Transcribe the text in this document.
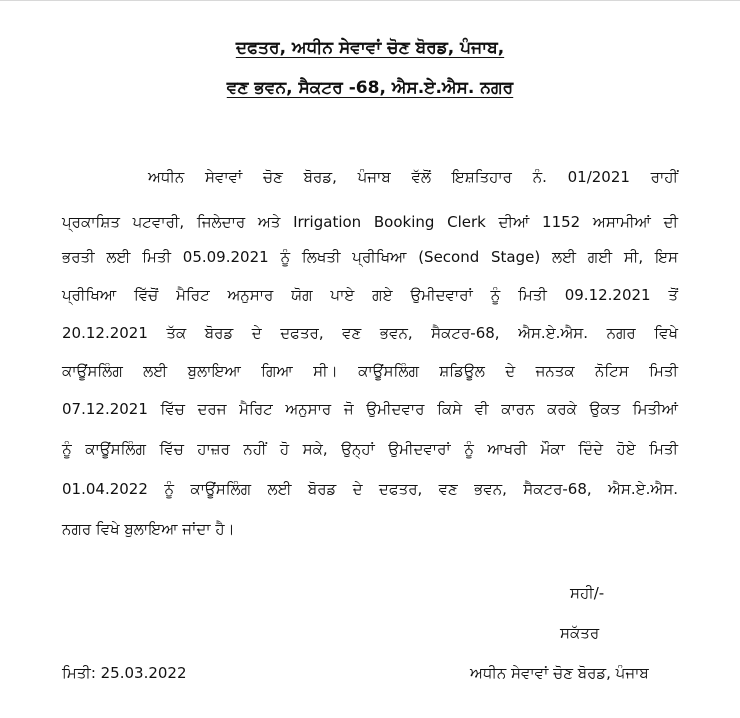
ਦਫਤਰ, ਅਧੀਨ ਸੇਵਾਵਾਂ ਚੋਣ ਬੋਰਡ, ਪੰਜਾਬ,
ਵਣ ਭਵਨ, ਸੈਕਟਰ -68, ਐਸ.ਏ.ਐਸ. ਨਗਰ
ਅਧੀਨ ਸੇਵਾਵਾਂ ਚੋਣ ਬੋਰਡ, ਪੰਜਾਬ ਵੱਲੋਂ ਇਸ਼ਤਿਹਾਰ ਨੰ. 01/2021 ਰਾਹੀਂ
ਪ੍ਰਕਾਸ਼ਿਤ ਪਟਵਾਰੀ, ਜਿਲੇਦਾਰ ਅਤੇ Irrigation Booking Clerk ਦੀਆਂ 1152 ਅਸਾਮੀਆਂ ਦੀ
ਭਰਤੀ ਲਈ ਮਿਤੀ 05.09.2021 ਨੂੰ ਲਿਖਤੀ ਪ੍ਰੀਖਿਆ (Second Stage) ਲਈ ਗਈ ਸੀ, ਇਸ
ਪ੍ਰੀਖਿਆ ਵਿੱਚੋਂ ਮੈਰਿਟ ਅਨੁਸਾਰ ਯੋਗ ਪਾਏ ਗਏ ਉਮੀਦਵਾਰਾਂ ਨੂੰ ਮਿਤੀ 09.12.2021 ਤੋਂ
20.12.2021 ਤੱਕ ਬੋਰਡ ਦੇ ਦਫਤਰ, ਵਣ ਭਵਨ, ਸੈਕਟਰ-68, ਐਸ.ਏ.ਐਸ. ਨਗਰ ਵਿਖੇ
ਕਾਊਂਸਲਿੰਗ ਲਈ ਬੁਲਾਇਆ ਗਿਆ ਸੀ। ਕਾਊਂਸਲਿੰਗ ਸ਼ਡਿਊਲ ਦੇ ਜਨਤਕ ਨੋਟਿਸ ਮਿਤੀ
07.12.2021 ਵਿੱਚ ਦਰਜ ਮੈਰਿਟ ਅਨੁਸਾਰ ਜੋ ਉਮੀਦਵਾਰ ਕਿਸੇ ਵੀ ਕਾਰਨ ਕਰਕੇ ਉਕਤ ਮਿਤੀਆਂ
ਨੂੰ ਕਾਊਂਸਲਿੰਗ ਵਿੱਚ ਹਾਜ਼ਰ ਨਹੀਂ ਹੋ ਸਕੇ, ਉਨ੍ਹਾਂ ਉਮੀਦਵਾਰਾਂ ਨੂੰ ਆਖਰੀ ਮੌਕਾ ਦਿੰਦੇ ਹੋਏ ਮਿਤੀ
01.04.2022 ਨੂੰ ਕਾਊਂਸਲਿੰਗ ਲਈ ਬੋਰਡ ਦੇ ਦਫਤਰ, ਵਣ ਭਵਨ, ਸੈਕਟਰ-68, ਐਸ.ਏ.ਐਸ.
ਨਗਰ ਵਿਖੇ ਬੁਲਾਇਆ ਜਾਂਦਾ ਹੈ।
ਸਹੀ/-
ਸਕੱਤਰ
ਮਿਤੀ: 25.03.2022	ਅਧੀਨ ਸੇਵਾਵਾਂ ਚੋਣ ਬੋਰਡ, ਪੰਜਾਬ
